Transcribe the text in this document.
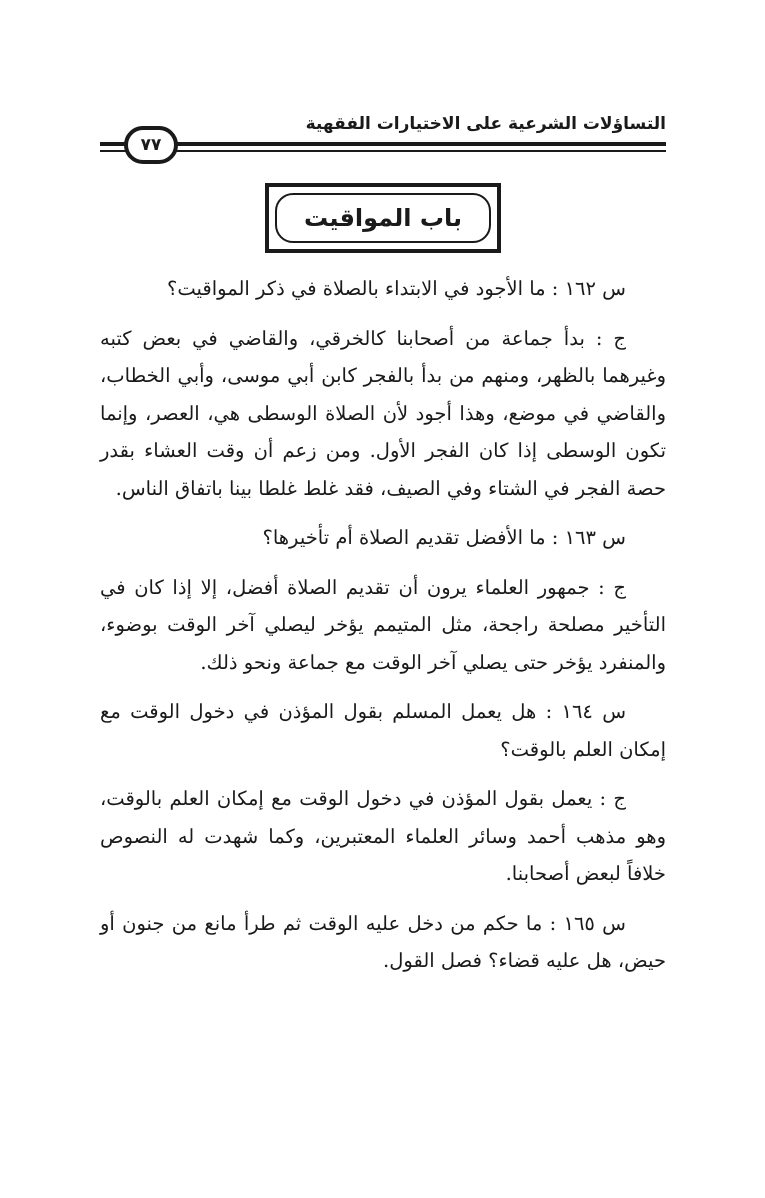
التساؤلات الشرعية على الاختيارات الفقهية
٧٧
باب المواقيت

س ١٦٢ : ما الأجود في الابتداء بالصلاة في ذكر المواقيت؟

ج : بدأ جماعة من أصحابنا كالخرقي، والقاضي في بعض كتبه وغيرهما بالظهر، ومنهم من بدأ بالفجر كابن أبي موسى، وأبي الخطاب، والقاضي في موضع، وهذا أجود لأن الصلاة الوسطى هي، العصر، وإنما تكون الوسطى إذا كان الفجر الأول. ومن زعم أن وقت العشاء بقدر حصة الفجر في الشتاء وفي الصيف، فقد غلط غلطا بينا باتفاق الناس.

س ١٦٣ : ما الأفضل تقديم الصلاة أم تأخيرها؟

ج : جمهور العلماء يرون أن تقديم الصلاة أفضل، إلا إذا كان في التأخير مصلحة راجحة، مثل المتيمم يؤخر ليصلي آخر الوقت بوضوء، والمنفرد يؤخر حتى يصلي آخر الوقت مع جماعة ونحو ذلك.

س ١٦٤ : هل يعمل المسلم بقول المؤذن في دخول الوقت مع إمكان العلم بالوقت؟

ج : يعمل بقول المؤذن في دخول الوقت مع إمكان العلم بالوقت، وهو مذهب أحمد وسائر العلماء المعتبرين، وكما شهدت له النصوص خلافاً لبعض أصحابنا.

س ١٦٥ : ما حكم من دخل عليه الوقت ثم طرأ مانع من جنون أو حيض، هل عليه قضاء؟ فصل القول.
